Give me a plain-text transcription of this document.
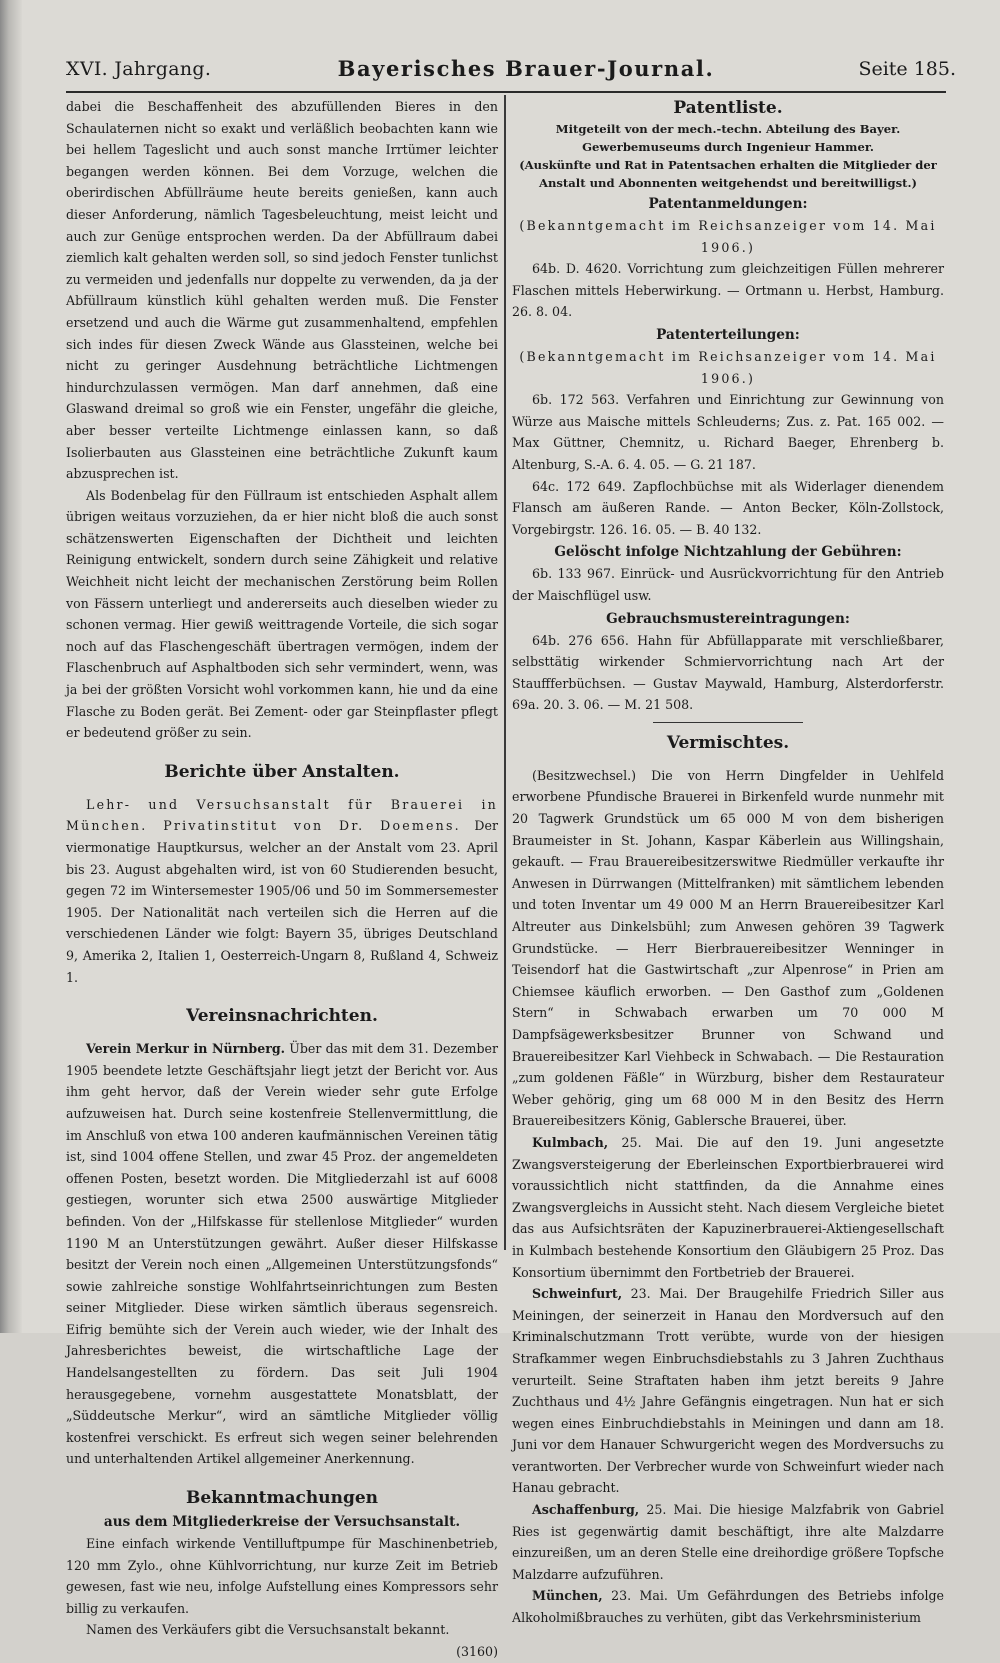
XVI. Jahrgang.	Bayerisches Brauer-Journal.	Seite 185.

dabei die Beschaffenheit des abzufüllenden Bieres in den Schaulaternen nicht so exakt und verläßlich beobachten kann wie bei hellem Tageslicht und auch sonst manche Irrtümer leichter begangen werden können. Bei dem Vorzuge, welchen die oberirdischen Abfüllräume heute bereits genießen, kann auch dieser Anforderung, nämlich Tagesbeleuchtung, meist leicht und auch zur Genüge entsprochen werden. Da der Abfüllraum dabei ziemlich kalt gehalten werden soll, so sind jedoch Fenster tunlichst zu vermeiden und jedenfalls nur doppelte zu verwenden, da ja der Abfüllraum künstlich kühl gehalten werden muß. Die Fenster ersetzend und auch die Wärme gut zusammenhaltend, empfehlen sich indes für diesen Zweck Wände aus Glassteinen, welche bei nicht zu geringer Ausdehnung beträchtliche Lichtmengen hindurchzulassen vermögen. Man darf annehmen, daß eine Glaswand dreimal so groß wie ein Fenster, ungefähr die gleiche, aber besser verteilte Lichtmenge einlassen kann, so daß Isolierbauten aus Glassteinen eine beträchtliche Zukunft kaum abzusprechen ist.

Als Bodenbelag für den Füllraum ist entschieden Asphalt allem übrigen weitaus vorzuziehen, da er hier nicht bloß die auch sonst schätzenswerten Eigenschaften der Dichtheit und leichten Reinigung entwickelt, sondern durch seine Zähigkeit und relative Weichheit nicht leicht der mechanischen Zerstörung beim Rollen von Fässern unterliegt und andererseits auch dieselben wieder zu schonen vermag. Hier gewiß weittragende Vorteile, die sich sogar noch auf das Flaschengeschäft übertragen vermögen, indem der Flaschenbruch auf Asphaltboden sich sehr vermindert, wenn, was ja bei der größten Vorsicht wohl vorkommen kann, hie und da eine Flasche zu Boden gerät. Bei Zement- oder gar Steinpflaster pflegt er bedeutend größer zu sein.

Berichte über Anstalten.

Lehr- und Versuchsanstalt für Brauerei in München. Privatinstitut von Dr. Doemens. Der viermonatige Hauptkursus, welcher an der Anstalt vom 23. April bis 23. August abgehalten wird, ist von 60 Studierenden besucht, gegen 72 im Wintersemester 1905/06 und 50 im Sommersemester 1905. Der Nationalität nach verteilen sich die Herren auf die verschiedenen Länder wie folgt: Bayern 35, übriges Deutschland 9, Amerika 2, Italien 1, Oesterreich-Ungarn 8, Rußland 4, Schweiz 1.

Vereinsnachrichten.

Verein Merkur in Nürnberg. Über das mit dem 31. Dezember 1905 beendete letzte Geschäftsjahr liegt jetzt der Bericht vor. Aus ihm geht hervor, daß der Verein wieder sehr gute Erfolge aufzuweisen hat. Durch seine kostenfreie Stellenvermittlung, die im Anschluß von etwa 100 anderen kaufmännischen Vereinen tätig ist, sind 1004 offene Stellen, und zwar 45 Proz. der angemeldeten offenen Posten, besetzt worden. Die Mitgliederzahl ist auf 6008 gestiegen, worunter sich etwa 2500 auswärtige Mitglieder befinden. Von der „Hilfskasse für stellenlose Mitglieder“ wurden 1190 M an Unterstützungen gewährt. Außer dieser Hilfskasse besitzt der Verein noch einen „Allgemeinen Unterstützungsfonds“ sowie zahlreiche sonstige Wohlfahrtseinrichtungen zum Besten seiner Mitglieder. Diese wirken sämtlich überaus segensreich. Eifrig bemühte sich der Verein auch wieder, wie der Inhalt des Jahresberichtes beweist, die wirtschaftliche Lage der Handelsangestellten zu fördern. Das seit Juli 1904 herausgegebene, vornehm ausgestattete Monatsblatt, der „Süddeutsche Merkur“, wird an sämtliche Mitglieder völlig kostenfrei verschickt. Es erfreut sich wegen seiner belehrenden und unterhaltenden Artikel allgemeiner Anerkennung.

Bekanntmachungen
aus dem Mitgliederkreise der Versuchsanstalt.

Eine einfach wirkende Ventilluftpumpe für Maschinenbetrieb, 120 mm Zylo., ohne Kühlvorrichtung, nur kurze Zeit im Betrieb gewesen, fast wie neu, infolge Aufstellung eines Kompressors sehr billig zu verkaufen.

Namen des Verkäufers gibt die Versuchsanstalt bekannt.
(3160)

Patentliste.
Mitgeteilt von der mech.-techn. Abteilung des Bayer. Gewerbemuseums durch Ingenieur Hammer.
(Auskünfte und Rat in Patentsachen erhalten die Mitglieder der Anstalt und Abonnenten weitgehendst und bereitwilligst.)
Patentanmeldungen:
(Bekanntgemacht im Reichsanzeiger vom 14. Mai 1906.)

64b. D. 4620. Vorrichtung zum gleichzeitigen Füllen mehrerer Flaschen mittels Heberwirkung. — Ortmann u. Herbst, Hamburg. 26. 8. 04.

Patenterteilungen:
(Bekanntgemacht im Reichsanzeiger vom 14. Mai 1906.)

6b. 172 563. Verfahren und Einrichtung zur Gewinnung von Würze aus Maische mittels Schleuderns; Zus. z. Pat. 165 002. — Max Güttner, Chemnitz, u. Richard Baeger, Ehrenberg b. Altenburg, S.-A. 6. 4. 05. — G. 21 187.

64c. 172 649. Zapflochbüchse mit als Widerlager dienendem Flansch am äußeren Rande. — Anton Becker, Köln-Zollstock, Vorgebirgstr. 126. 16. 05. — B. 40 132.

Gelöscht infolge Nichtzahlung der Gebühren:

6b. 133 967. Einrück- und Ausrückvorrichtung für den Antrieb der Maischflügel usw.

Gebrauchsmustereintragungen:

64b. 276 656. Hahn für Abfüllapparate mit verschließbarer, selbsttätig wirkender Schmiervorrichtung nach Art der Stauffferbüchsen. — Gustav Maywald, Hamburg, Alsterdorferstr. 69a. 20. 3. 06. — M. 21 508.

Vermischtes.

(Besitzwechsel.) Die von Herrn Dingfelder in Uehlfeld erworbene Pfundische Brauerei in Birkenfeld wurde nunmehr mit 20 Tagwerk Grundstück um 65 000 M von dem bisherigen Braumeister in St. Johann, Kaspar Käberlein aus Willingshain, gekauft. — Frau Brauereibesitzerswitwe Riedmüller verkaufte ihr Anwesen in Dürrwangen (Mittelfranken) mit sämtlichem lebenden und toten Inventar um 49 000 M an Herrn Brauereibesitzer Karl Altreuter aus Dinkelsbühl; zum Anwesen gehören 39 Tagwerk Grundstücke. — Herr Bierbrauereibesitzer Wenninger in Teisendorf hat die Gastwirtschaft „zur Alpenrose“ in Prien am Chiemsee käuflich erworben. — Den Gasthof zum „Goldenen Stern“ in Schwabach erwarben um 70 000 M Dampfsägewerksbesitzer Brunner von Schwand und Brauereibesitzer Karl Viehbeck in Schwabach. — Die Restauration „zum goldenen Fäßle“ in Würzburg, bisher dem Restaurateur Weber gehörig, ging um 68 000 M in den Besitz des Herrn Brauereibesitzers König, Gablersche Brauerei, über.

Kulmbach, 25. Mai. Die auf den 19. Juni angesetzte Zwangsversteigerung der Eberleinschen Exportbierbrauerei wird voraussichtlich nicht stattfinden, da die Annahme eines Zwangsvergleichs in Aussicht steht. Nach diesem Vergleiche bietet das aus Aufsichtsräten der Kapuzinerbrauerei-Aktiengesellschaft in Kulmbach bestehende Konsortium den Gläubigern 25 Proz. Das Konsortium übernimmt den Fortbetrieb der Brauerei.

Schweinfurt, 23. Mai. Der Braugehilfe Friedrich Siller aus Meiningen, der seinerzeit in Hanau den Mordversuch auf den Kriminalschutzmann Trott verübte, wurde von der hiesigen Strafkammer wegen Einbruchsdiebstahls zu 3 Jahren Zuchthaus verurteilt. Seine Straftaten haben ihm jetzt bereits 9 Jahre Zuchthaus und 4½ Jahre Gefängnis eingetragen. Nun hat er sich wegen eines Einbruchdiebstahls in Meiningen und dann am 18. Juni vor dem Hanauer Schwurgericht wegen des Mordversuchs zu verantworten. Der Verbrecher wurde von Schweinfurt wieder nach Hanau gebracht.

Aschaffenburg, 25. Mai. Die hiesige Malzfabrik von Gabriel Ries ist gegenwärtig damit beschäftigt, ihre alte Malzdarre einzureißen, um an deren Stelle eine dreihordige größere Topfsche Malzdarre aufzuführen.

München, 23. Mai. Um Gefährdungen des Betriebs infolge Alkoholmißbrauches zu verhüten, gibt das Verkehrsministerium
